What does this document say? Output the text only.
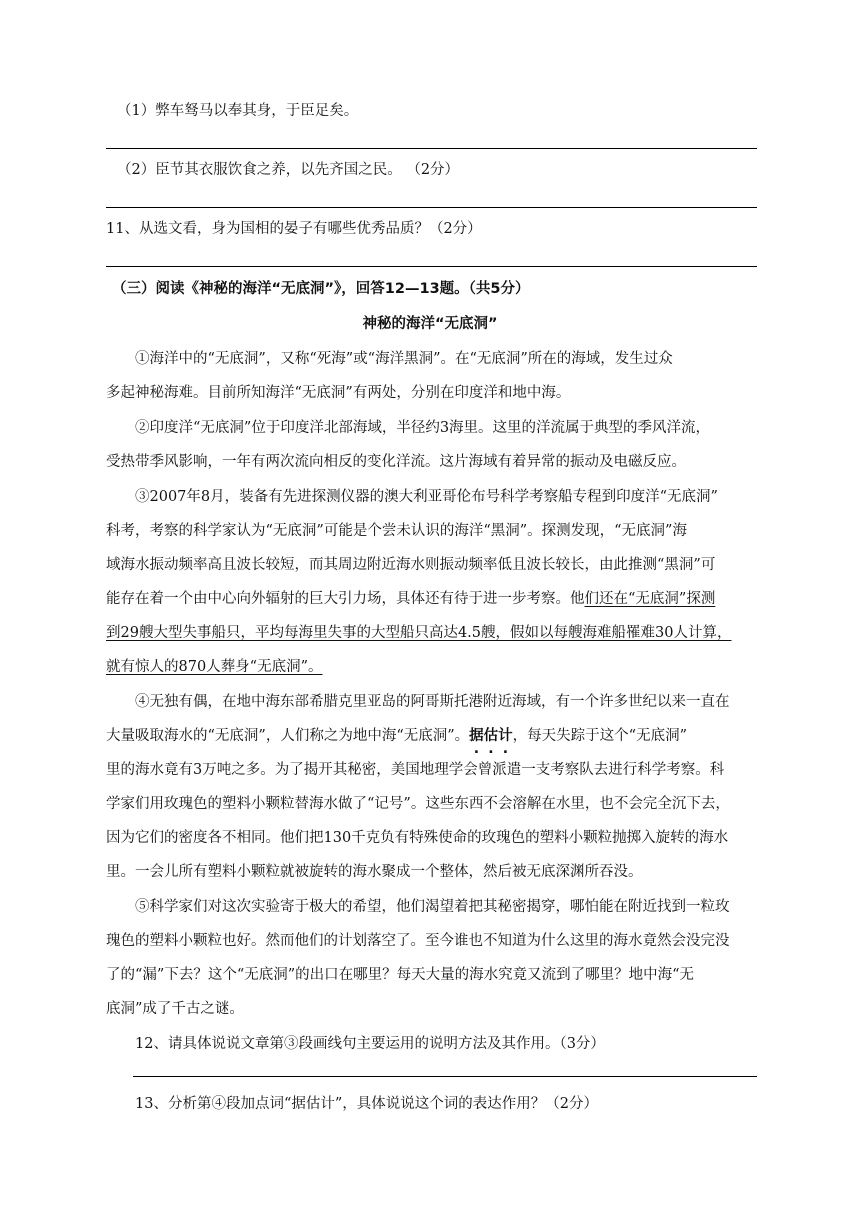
（1）弊车驽马以奉其身，于臣足矣。
（2）臣节其衣服饮食之养，以先齐国之民。 （2分）
11、从选文看，身为国相的晏子有哪些优秀品质？（2分）
（三）阅读《神秘的海洋“无底洞”》，回答12—13题。（共5分）
神秘的海洋“无底洞”
①海洋中的“无底洞”，又称“死海”或“海洋黑洞”。在“无底洞”所在的海域，发生过众
多起神秘海难。目前所知海洋“无底洞”有两处，分别在印度洋和地中海。
②印度洋“无底洞”位于印度洋北部海域，半径约3海里。这里的洋流属于典型的季风洋流，
受热带季风影响，一年有两次流向相反的变化洋流。这片海域有着异常的振动及电磁反应。
③2007年8月，装备有先进探测仪器的澳大利亚哥伦布号科学考察船专程到印度洋“无底洞”
科考，考察的科学家认为“无底洞”可能是个尝未认识的海洋“黑洞”。探测发现，“无底洞”海
域海水振动频率高且波长较短，而其周边附近海水则振动频率低且波长较长，由此推测“黑洞”可
能存在着一个由中心向外辐射的巨大引力场，具体还有待于进一步考察。他们还在“无底洞”探测
到29艘大型失事船只，平均每海里失事的大型船只高达4.5艘，假如以每艘海难船罹难30人计算，
就有惊人的870人葬身“无底洞”。
④无独有偶，在地中海东部希腊克里亚岛的阿哥斯托港附近海域，有一个许多世纪以来一直在
大量吸取海水的“无底洞”，人们称之为地中海“无底洞”。据估计，每天失踪于这个“无底洞”
里的海水竟有3万吨之多。为了揭开其秘密，美国地理学会曾派遣一支考察队去进行科学考察。科
学家们用玫瑰色的塑料小颗粒替海水做了“记号”。这些东西不会溶解在水里，也不会完全沉下去，
因为它们的密度各不相同。他们把130千克负有特殊使命的玫瑰色的塑料小颗粒抛掷入旋转的海水
里。一会儿所有塑料小颗粒就被旋转的海水聚成一个整体，然后被无底深渊所吞没。
⑤科学家们对这次实验寄于极大的希望，他们渴望着把其秘密揭穿，哪怕能在附近找到一粒玫
瑰色的塑料小颗粒也好。然而他们的计划落空了。至今谁也不知道为什么这里的海水竟然会没完没
了的“漏”下去？这个“无底洞”的出口在哪里？每天大量的海水究竟又流到了哪里？地中海“无
底洞”成了千古之谜。
12、请具体说说文章第③段画线句主要运用的说明方法及其作用。（3分）
13、分析第④段加点词“据估计”，具体说说这个词的表达作用？（2分）
